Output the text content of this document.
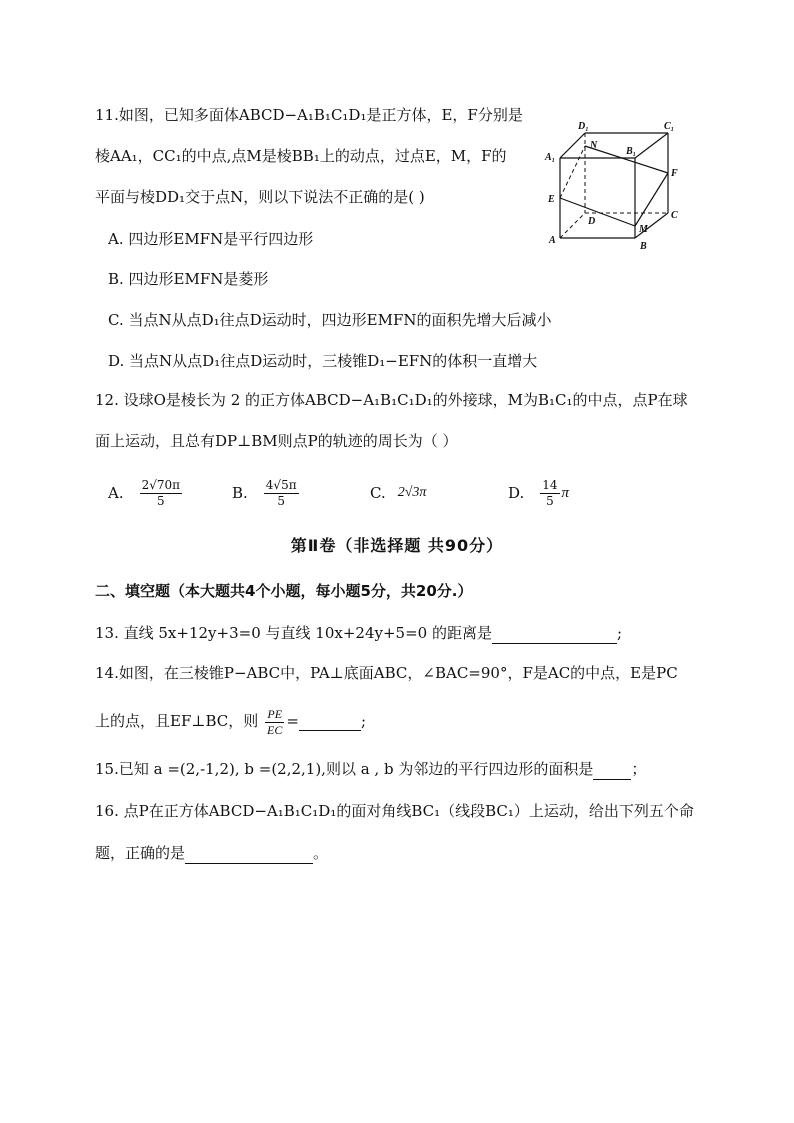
11.如图，已知多面体ABCD−A₁B₁C₁D₁是正方体，E，F分别是
棱AA₁，CC₁的中点,点M是棱BB₁上的动点，过点E，M，F的
平面与棱DD₁交于点N，则以下说法不正确的是( )
A. 四边形EMFN是平行四边形
B. 四边形EMFN是菱形
C. 当点N从点D₁往点D运动时，四边形EMFN的面积先增大后减小
D. 当点N从点D₁往点D运动时，三棱锥D₁−EFN的体积一直增大
D₁	C₁
A₁
N
B₁
F
E
D
C
M
A
B
12. 设球O是棱长为 2 的正方体ABCD−A₁B₁C₁D₁的外接球，M为B₁C₁的中点，点P在球
面上运动，且总有DP⊥BM则点P的轨迹的周长为（ ）
A. $\frac{2√70\pi}{5}$	B. $\frac{4√5\pi}{5}$	C. 2√3π	D. $\frac{14}{5}$ π
第Ⅱ卷（非选择题 共90分）
二、填空题（本大题共4个小题，每小题5分，共20分.）
13. 直线 5x+12y+3=0 与直线 10x+24y+5=0 的距离是	;
14.如图，在三棱锥P−ABC中，PA⊥底面ABC，∠BAC=90°，F是AC的中点，E是PC
上的点，且EF⊥BC，则 $\frac{PE}{EC}$ =	;
15.已知 a =(2,-1,2), b =(2,2,1),则以 a , b 为邻边的平行四边形的面积是	；
16. 点P在正方体ABCD−A₁B₁C₁D₁的面对角线BC₁（线段BC₁）上运动，给出下列五个命
题，正确的是	。
